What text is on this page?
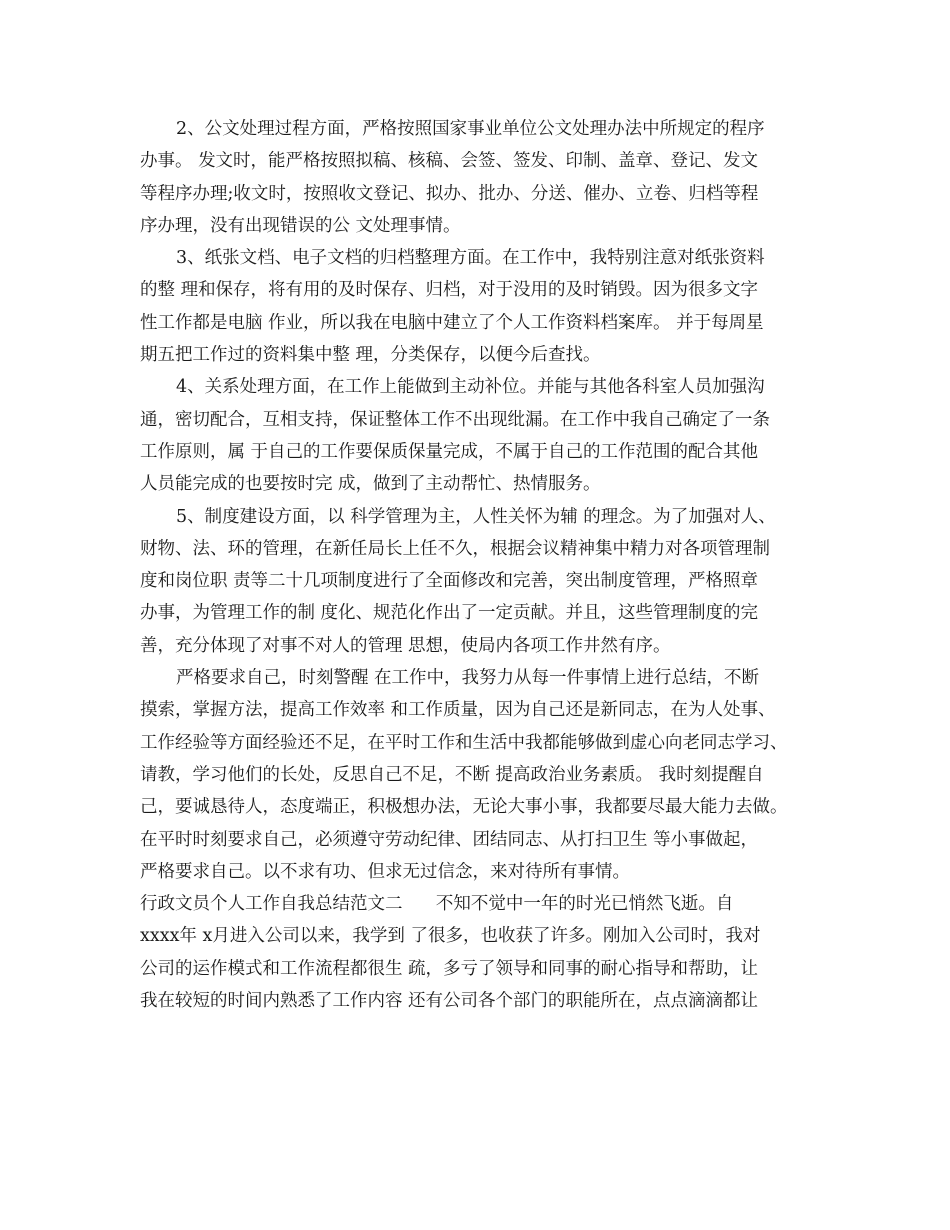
2、公文处理过程方面，严格按照国家事业单位公文处理办法中所规定的程序
办事。 发文时，能严格按照拟稿、核稿、会签、签发、印制、盖章、登记、发文
等程序办理;收文时，按照收文登记、拟办、批办、分送、催办、立卷、归档等程
序办理，没有出现错误的公 文处理事情。
3、纸张文档、电子文档的归档整理方面。在工作中，我特别注意对纸张资料
的整 理和保存，将有用的及时保存、归档，对于没用的及时销毁。因为很多文字
性工作都是电脑 作业，所以我在电脑中建立了个人工作资料档案库。 并于每周星
期五把工作过的资料集中整 理，分类保存，以便今后查找。
4、关系处理方面，在工作上能做到主动补位。并能与其他各科室人员加强沟
通，密切配合，互相支持，保证整体工作不出现纰漏。在工作中我自己确定了一条
工作原则，属 于自己的工作要保质保量完成，不属于自己的工作范围的配合其他
人员能完成的也要按时完 成，做到了主动帮忙、热情服务。
5、制度建设方面，以 科学管理为主，人性关怀为辅 的理念。为了加强对人、
财物、法、环的管理，在新任局长上任不久，根据会议精神集中精力对各项管理制
度和岗位职 责等二十几项制度进行了全面修改和完善，突出制度管理，严格照章
办事，为管理工作的制 度化、规范化作出了一定贡献。并且，这些管理制度的完
善，充分体现了对事不对人的管理 思想，使局内各项工作井然有序。
严格要求自己，时刻警醒 在工作中，我努力从每一件事情上进行总结，不断
摸索，掌握方法，提高工作效率 和工作质量，因为自己还是新同志，在为人处事、
工作经验等方面经验还不足，在平时工作和生活中我都能够做到虚心向老同志学习、
请教，学习他们的长处，反思自己不足，不断 提高政治业务素质。 我时刻提醒自
己，要诚恳待人，态度端正，积极想办法，无论大事小事，我都要尽最大能力去做。
在平时时刻要求自己，必须遵守劳动纪律、团结同志、从打扫卫生 等小事做起，
严格要求自己。以不求有功、但求无过信念，来对待所有事情。
行政文员个人工作自我总结范文二      不知不觉中一年的时光已悄然飞逝。自
xxxx年 x月进入公司以来，我学到 了很多，也收获了许多。刚加入公司时，我对
公司的运作模式和工作流程都很生 疏，多亏了领导和同事的耐心指导和帮助，让
我在较短的时间内熟悉了工作内容 还有公司各个部门的职能所在，点点滴滴都让
